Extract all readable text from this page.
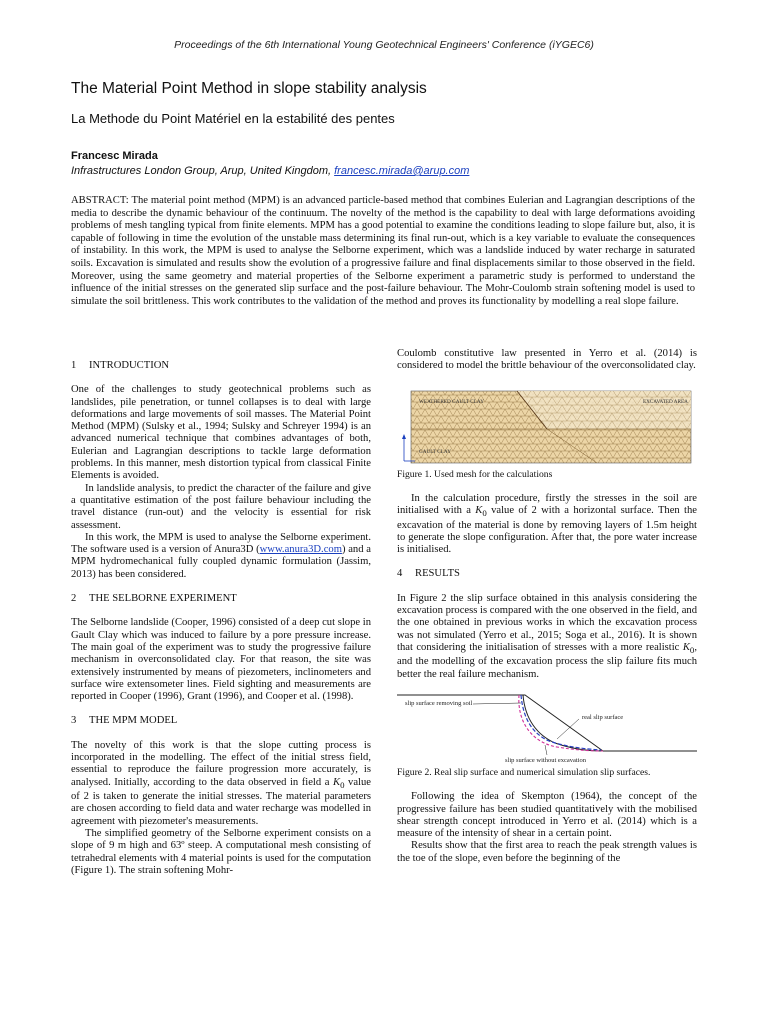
Proceedings of the 6th International Young Geotechnical Engineers' Conference (iYGEC6)
The Material Point Method in slope stability analysis
La Methode du Point Matériel en la estabilité des pentes
Francesc Mirada
Infrastructures London Group, Arup, United Kingdom, francesc.mirada@arup.com
ABSTRACT: The material point method (MPM) is an advanced particle-based method that combines Eulerian and Lagrangian descriptions of the media to describe the dynamic behaviour of the continuum. The novelty of the method is the capability to deal with large deformations avoiding problems of mesh tangling typical from finite elements. MPM has a good potential to examine the conditions leading to slope failure but, also, it is capable of following in time the evolution of the unstable mass determining its final run-out, which is a key variable to evaluate the consequences of instability. In this work, the MPM is used to analyse the Selborne experiment, which was a landslide induced by water recharge in saturated soils. Excavation is simulated and results show the evolution of a progressive failure and final displacements similar to those observed in the field. Moreover, using the same geometry and material properties of the Selborne experiment a parametric study is performed to understand the influence of the initial stresses on the generated slip surface and the post-failure behaviour. The Mohr-Coulomb strain softening model is used to simulate the soil brittleness. This work contributes to the validation of the method and proves its functionality by modelling a real slope failure.
1 INTRODUCTION

One of the challenges to study geotechnical problems such as landslides, pile penetration, or tunnel collapses is to deal with large deformations and large movements of soil masses. The Material Point Method (MPM) (Sulsky et al., 1994; Sulsky and Schreyer 1994) is an advanced numerical technique that combines advantages of both, Eulerian and Lagrangian descriptions to tackle large deformation problems. In this manner, mesh distortion typical from classical Finite Elements is avoided.

In landslide analysis, to predict the character of the failure and give a quantitative estimation of the post failure behaviour including the travel distance (run-out) and the velocity is essential for risk assessment.

In this work, the MPM is used to analyse the Selborne experiment. The software used is a version of Anura3D (www.anura3D.com) and a MPM hydromechanical fully coupled dynamic formulation (Jassim, 2013) has been considered.

2 THE SELBORNE EXPERIMENT

The Selborne landslide (Cooper, 1996) consisted of a deep cut slope in Gault Clay which was induced to failure by a pore pressure increase. The main goal of the experiment was to study the progressive failure mechanism in overconsolidated clay. For that reason, the site was extensively instrumented by means of piezometers, inclinometers and surface wire extensometer lines. Field sighting and measurements are reported in Cooper (1996), Grant (1996), and Cooper et al. (1998).

3 THE MPM MODEL

The novelty of this work is that the slope cutting process is incorporated in the modelling. The effect of the initial stress field, essential to reproduce the failure progression more accurately, is analysed. Initially, according to the data observed in field a $K_0$ value of 2 is taken to generate the initial stresses. The material parameters are chosen according to field data and water recharge was modelled in agreement with piezometer's measurements.

The simplified geometry of the Selborne experiment consists on a slope of 9 m high and 63º steep. A computational mesh consisting of tetrahedral elements with 4 material points is used for the computation (Figure 1). The strain softening Mohr-

Coulomb constitutive law presented in Yerro et al. (2014) is considered to model the brittle behaviour of the overconsolidated clay.

WEATHERED GAULT CLAY	EXCAVATED AREA
GAULT CLAY
Figure 1. Used mesh for the calculations

In the calculation procedure, firstly the stresses in the soil are initialised with a $K_0$ value of 2 with a horizontal surface. Then the excavation of the material is done by removing layers of 1.5m height to generate the slope configuration. After that, the pore water increase is initialised.

4 RESULTS

In Figure 2 the slip surface obtained in this analysis considering the excavation process is compared with the one observed in the field, and the one obtained in previous works in which the excavation process was not simulated (Yerro et al., 2015; Soga et al., 2016). It is shown that considering the initialisation of stresses with a more realistic $K_0$, and the modelling of the excavation process the slip failure fits much better the real failure mechanism.

slip surface removing soil
real slip surface
slip surface without excavation
Figure 2. Real slip surface and numerical simulation slip surfaces.

Following the idea of Skempton (1964), the concept of the progressive failure has been studied quantitatively with the mobilised shear strength concept introduced in Yerro et al. (2014) which is a measure of the intensity of shear in a certain point.

Results show that the first area to reach the peak strength values is the toe of the slope, even before the beginning of the
